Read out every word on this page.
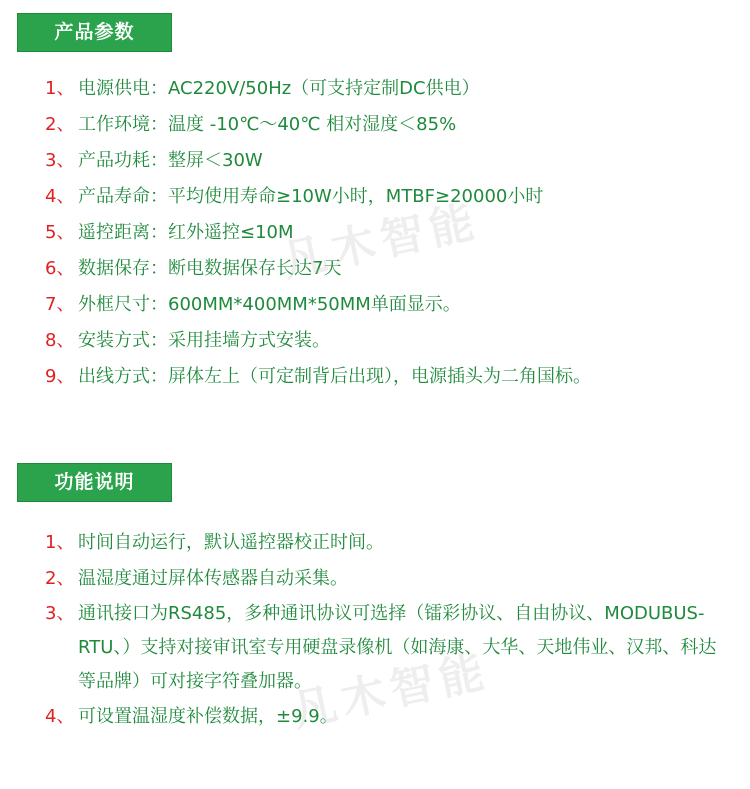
产品参数
1、 电源供电：AC220V/50Hz（可支持定制DC供电）
2、 工作环境：温度 -10℃～40℃ 相对湿度＜85%
3、 产品功耗：整屏＜30W
4、 产品寿命：平均使用寿命≥10W小时，MTBF≥20000小时
5、 遥控距离：红外遥控≤10M
6、 数据保存：断电数据保存长达7天
7、 外框尺寸：600MM*400MM*50MM单面显示。
8、 安装方式：采用挂墙方式安装。
9、 出线方式：屏体左上（可定制背后出现），电源插头为二角国标。
功能说明
1、 时间自动运行，默认遥控器校正时间。
2、 温湿度通过屏体传感器自动采集。
3、 通讯接口为RS485，多种通讯协议可选择（镭彩协议、自由协议、MODUBUS-RTU、）支持对接审讯室专用硬盘录像机（如海康、大华、天地伟业、汉邦、科达等品牌）可对接字符叠加器。
4、 可设置温湿度补偿数据，±9.9。
凡木智能
凡木智能
